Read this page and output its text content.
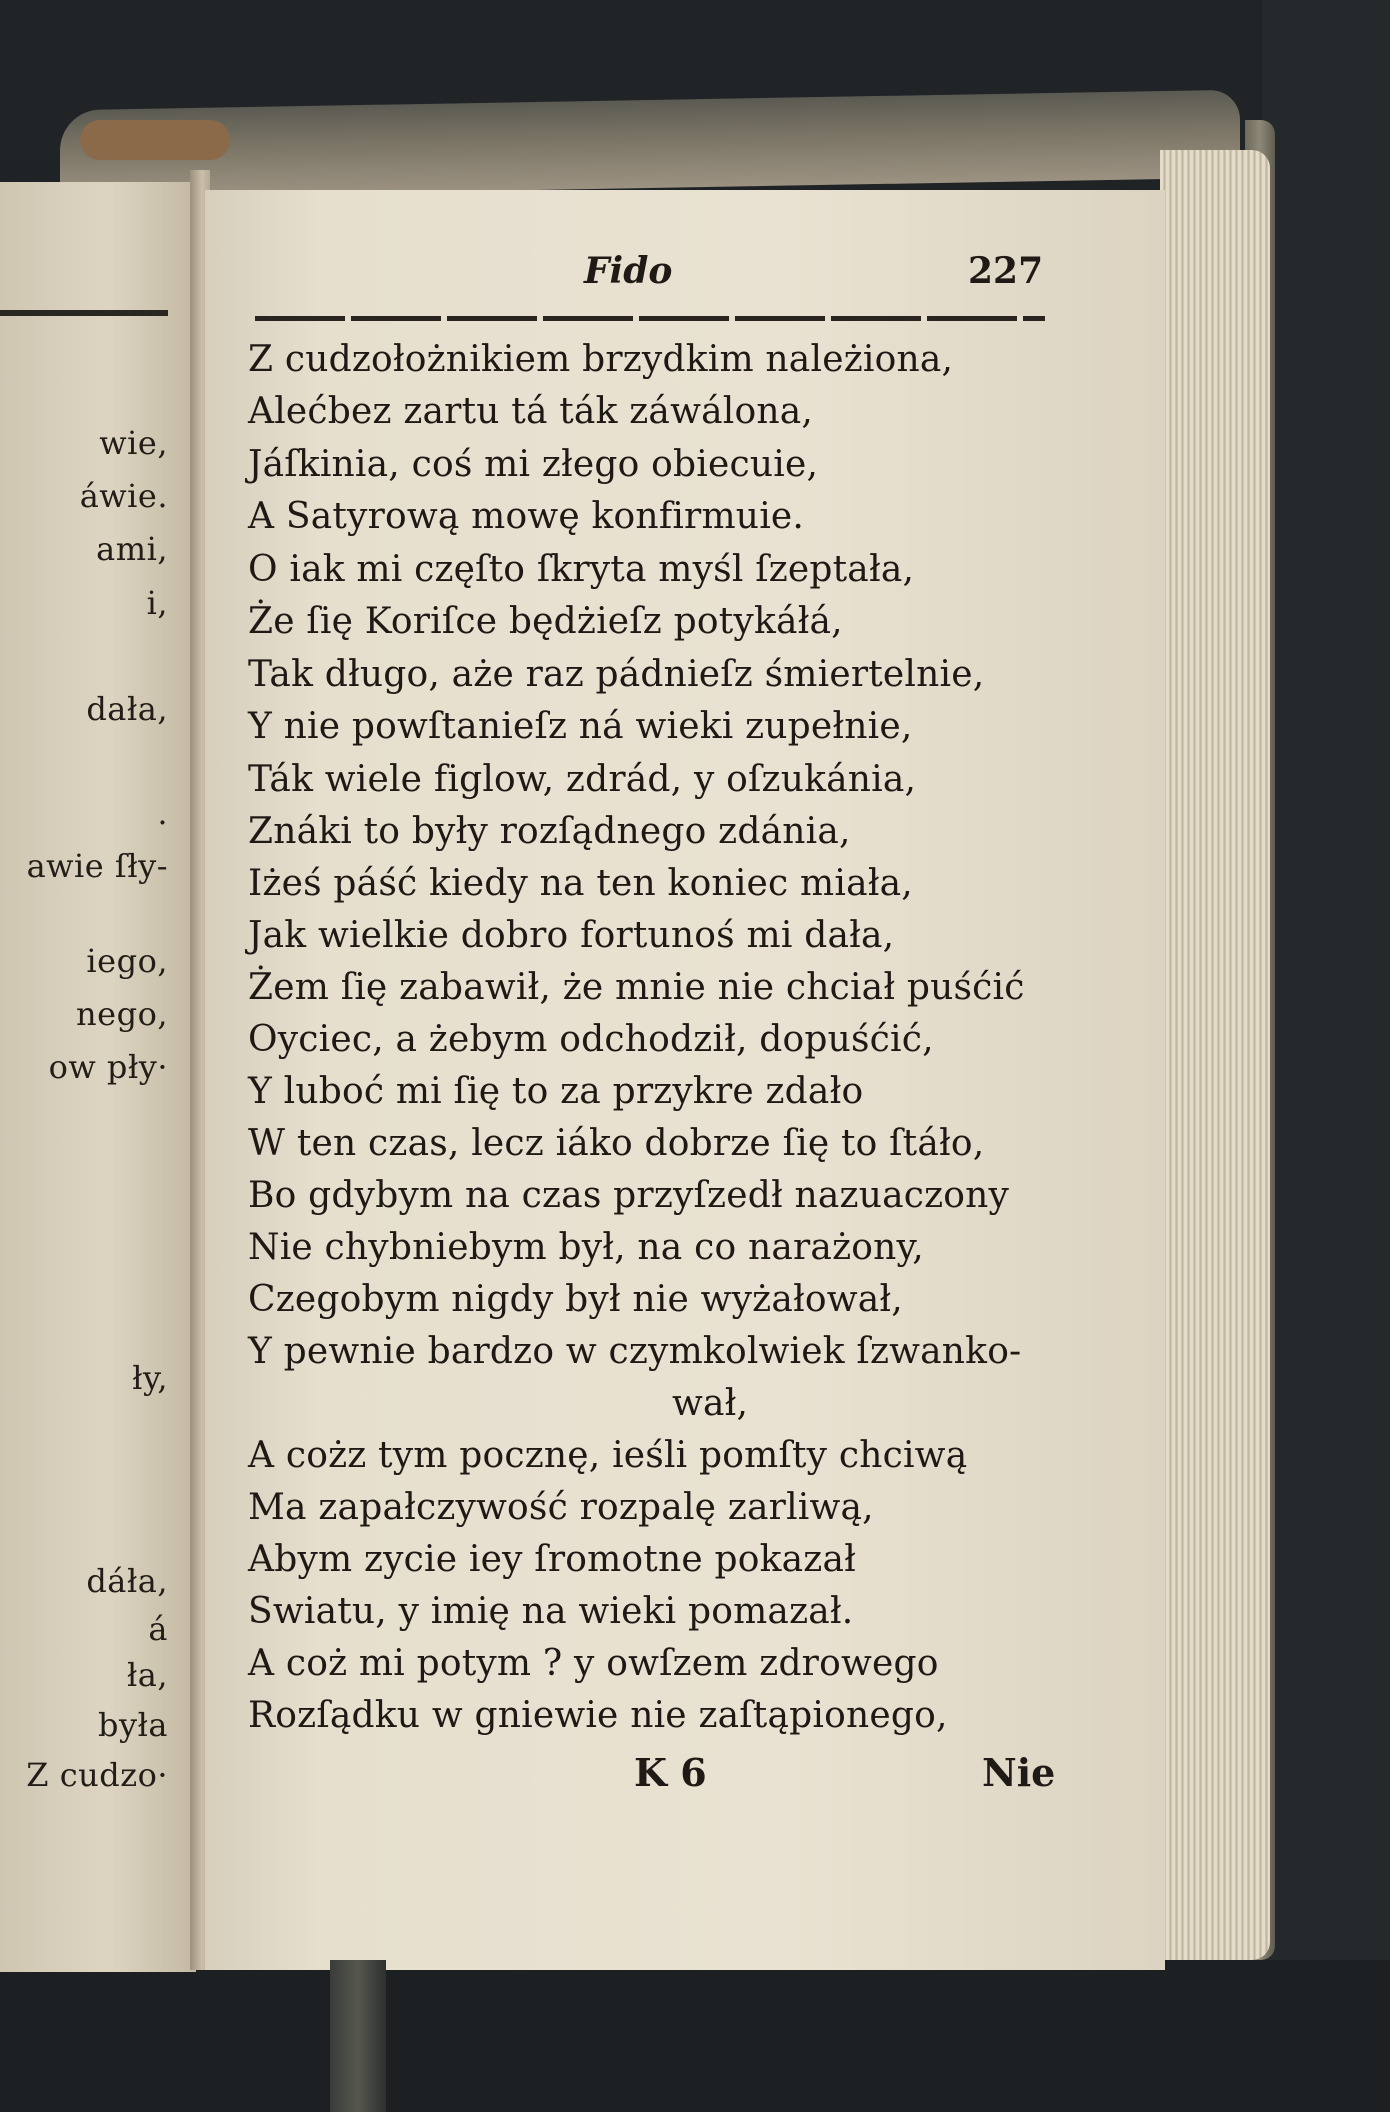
wie,
áwie.
ami,
i,
dała,
.
awie ſły-
iego,
nego,
ow pły·
ły,
dáła,
á
ła,
była
Z cudzo·
Fido	227
Z cudzołożnikiem brzydkim należiona,
Alećbez zartu tá ták záwálona,
Jáſkinia, coś mi złego obiecuie,
A Satyrową mowę konfirmuie.
O iak mi częſto ſkryta myśl ſzeptała,
Że ſię Koriſce będżieſz potykáłá,
Tak długo, aże raz pádnieſz śmiertelnie,
Y nie powſtanieſz ná wieki zupełnie,
Ták wiele figlow, zdrád, y oſzukánia,
Znáki to były rozſądnego zdánia,
Iżeś páść kiedy na ten koniec miała,
Jak wielkie dobro fortunoś mi dała,
Żem ſię zabawił, że mnie nie chciał puśćić
Oyciec, a żebym odchodził, dopuśćić,
Y luboć mi ſię to za przykre zdało
W ten czas, lecz iáko dobrze ſię to ſtáło,
Bo gdybym na czas przyſzedł nazuaczony
Nie chybniebym był, na co narażony,
Czegobym nigdy był nie wyżałował,
Y pewnie bardzo w czymkolwiek ſzwanko-
wał,
A cożz tym pocznę, ieśli pomſty chciwą
Ma zapałczywość rozpalę zarliwą,
Abym zycie iey ſromotne pokazał
Swiatu, y imię na wieki pomazał.
A coż mi potym ? y owſzem zdrowego
Rozſądku w gniewie nie zaſtąpionego,
K 6	Nie
